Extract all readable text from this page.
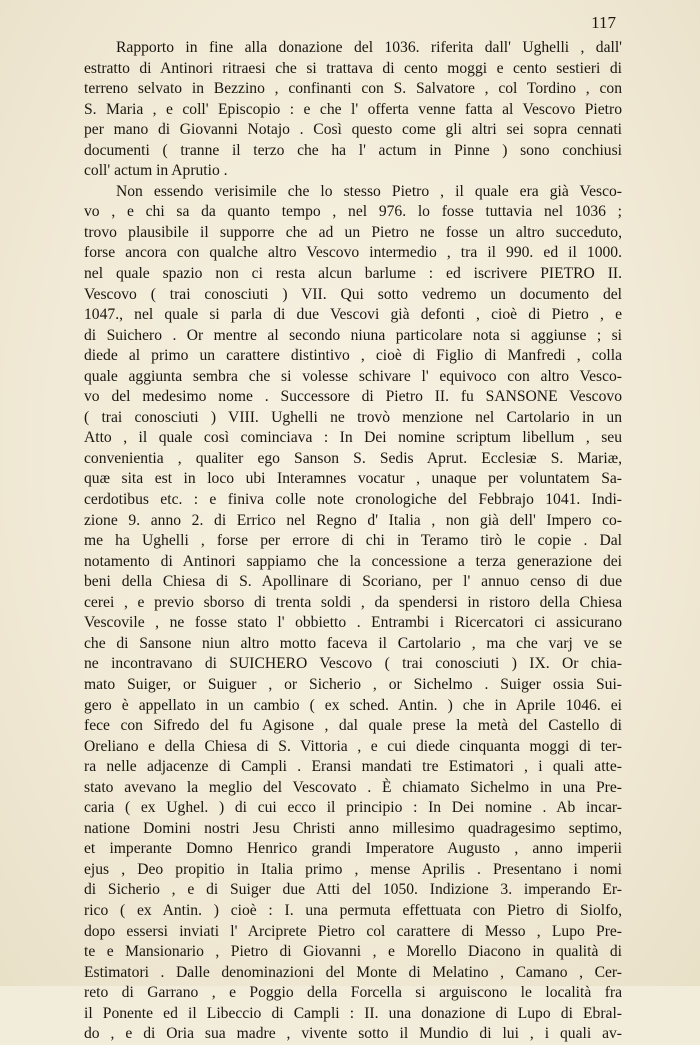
117
Rapporto in fine alla donazione del 1036. riferita dall' Ughelli , dall'
estratto di Antinori ritraesi che si trattava di cento moggi e cento sestieri di
terreno selvato in Bezzino , confinanti con S. Salvatore , col Tordino , con
S. Maria , e coll' Episcopio : e che l' offerta venne fatta al Vescovo Pietro
per mano di Giovanni Notajo . Così questo come gli altri sei sopra cennati
documenti ( tranne il terzo che ha l' actum in Pinne ) sono conchiusi
coll' actum in Aprutio .
Non essendo verisimile che lo stesso Pietro , il quale era già Vesco-
vo , e chi sa da quanto tempo , nel 976. lo fosse tuttavia nel 1036 ;
trovo plausibile il supporre che ad un Pietro ne fosse un altro succeduto,
forse ancora con qualche altro Vescovo intermedio , tra il 990. ed il 1000.
nel quale spazio non ci resta alcun barlume : ed iscrivere PIETRO II.
Vescovo ( trai conosciuti ) VII. Qui sotto vedremo un documento del
1047., nel quale si parla di due Vescovi già defonti , cioè di Pietro , e
di Suichero . Or mentre al secondo niuna particolare nota si aggiunse ; si
diede al primo un carattere distintivo , cioè di Figlio di Manfredi , colla
quale aggiunta sembra che si volesse schivare l' equivoco con altro Vesco-
vo del medesimo nome . Successore di Pietro II. fu SANSONE Vescovo
( trai conosciuti ) VIII. Ughelli ne trovò menzione nel Cartolario in un
Atto , il quale così cominciava : In Dei nomine scriptum libellum , seu
convenientia , qualiter ego Sanson S. Sedis Aprut. Ecclesiæ S. Mariæ,
quæ sita est in loco ubi Interamnes vocatur , unaque per voluntatem Sa-
cerdotibus etc. : e finiva colle note cronologiche del Febbrajo 1041. Indi-
zione 9. anno 2. di Errico nel Regno d' Italia , non già dell' Impero co-
me ha Ughelli , forse per errore di chi in Teramo tirò le copie . Dal
notamento di Antinori sappiamo che la concessione a terza generazione dei
beni della Chiesa di S. Apollinare di Scoriano, per l' annuo censo di due
cerei , e previo sborso di trenta soldi , da spendersi in ristoro della Chiesa
Vescovile , ne fosse stato l' obbietto . Entrambi i Ricercatori ci assicurano
che di Sansone niun altro motto faceva il Cartolario , ma che varj ve se
ne incontravano di SUICHERO Vescovo ( trai conosciuti ) IX. Or chia-
mato Suiger, or Suiguer , or Sicherio , or Sichelmo . Suiger ossia Sui-
gero è appellato in un cambio ( ex sched. Antin. ) che in Aprile 1046. ei
fece con Sifredo del fu Agisone , dal quale prese la metà del Castello di
Oreliano e della Chiesa di S. Vittoria , e cui diede cinquanta moggi di ter-
ra nelle adjacenze di Campli . Eransi mandati tre Estimatori , i quali atte-
stato avevano la meglio del Vescovato . È chiamato Sichelmo in una Pre-
caria ( ex Ughel. ) di cui ecco il principio : In Dei nomine . Ab incar-
natione Domini nostri Jesu Christi anno millesimo quadragesimo septimo,
et imperante Domno Henrico grandi Imperatore Augusto , anno imperii
ejus , Deo propitio in Italia primo , mense Aprilis . Presentano i nomi
di Sicherio , e di Suiger due Atti del 1050. Indizione 3. imperando Er-
rico ( ex Antin. ) cioè : I. una permuta effettuata con Pietro di Siolfo,
dopo essersi inviati l' Arciprete Pietro col carattere di Messo , Lupo Pre-
te e Mansionario , Pietro di Giovanni , e Morello Diacono in qualità di
Estimatori . Dalle denominazioni del Monte di Melatino , Camano , Cer-
reto di Garrano , e Poggio della Forcella si arguiscono le località fra
il Ponente ed il Libeccio di Campli : II. una donazione di Lupo di Ebral-
do , e di Oria sua madre , vivente sotto il Mundio di lui , i quali av-
